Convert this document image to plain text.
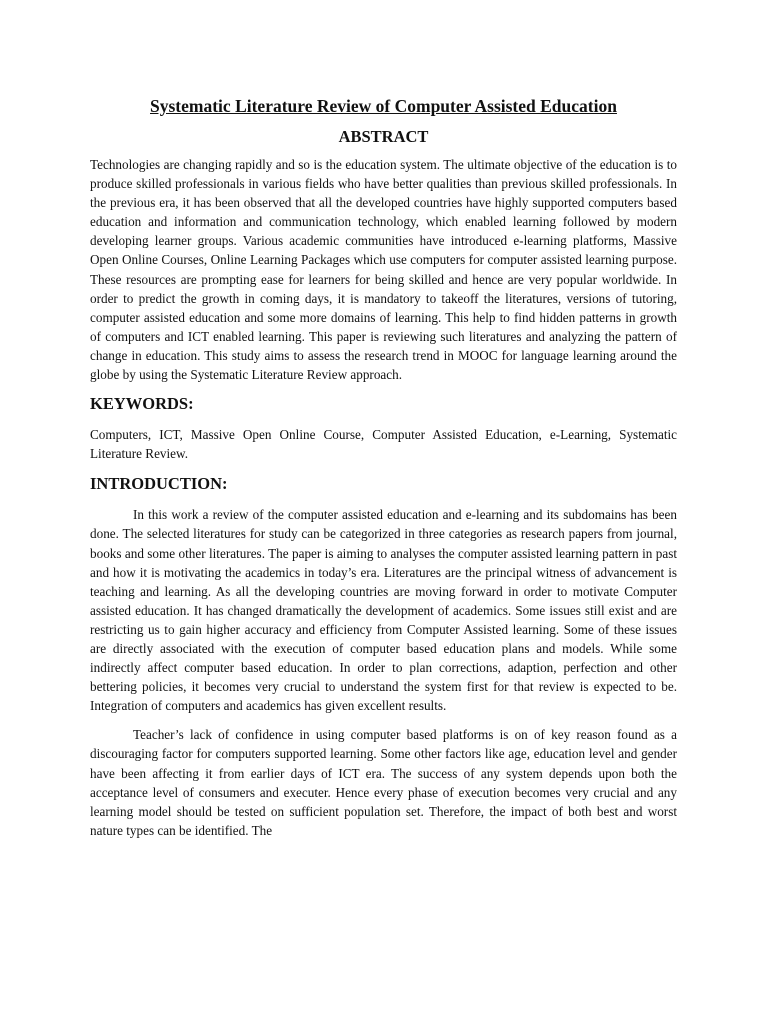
Systematic Literature Review of Computer Assisted Education
ABSTRACT

Technologies are changing rapidly and so is the education system. The ultimate objective of the education is to produce skilled professionals in various fields who have better qualities than previous skilled professionals. In the previous era, it has been observed that all the developed countries have highly supported computers based education and information and communication technology, which enabled learning followed by modern developing learner groups. Various academic communities have introduced e-learning platforms, Massive Open Online Courses, Online Learning Packages which use computers for computer assisted learning purpose. These resources are prompting ease for learners for being skilled and hence are very popular worldwide. In order to predict the growth in coming days, it is mandatory to takeoff the literatures, versions of tutoring, computer assisted education and some more domains of learning. This help to find hidden patterns in growth of computers and ICT enabled learning. This paper is reviewing such literatures and analyzing the pattern of change in education. This study aims to assess the research trend in MOOC for language learning around the globe by using the Systematic Literature Review approach.

KEYWORDS:

Computers, ICT, Massive Open Online Course, Computer Assisted Education, e-Learning, Systematic Literature Review.

INTRODUCTION:

In this work a review of the computer assisted education and e-learning and its subdomains has been done. The selected literatures for study can be categorized in three categories as research papers from journal, books and some other literatures. The paper is aiming to analyses the computer assisted learning pattern in past and how it is motivating the academics in today’s era. Literatures are the principal witness of advancement is teaching and learning. As all the developing countries are moving forward in order to motivate Computer assisted education. It has changed dramatically the development of academics. Some issues still exist and are restricting us to gain higher accuracy and efficiency from Computer Assisted learning. Some of these issues are directly associated with the execution of computer based education plans and models. While some indirectly affect computer based education. In order to plan corrections, adaption, perfection and other bettering policies, it becomes very crucial to understand the system first for that review is expected to be. Integration of computers and academics has given excellent results.

Teacher’s lack of confidence in using computer based platforms is on of key reason found as a discouraging factor for computers supported learning. Some other factors like age, education level and gender have been affecting it from earlier days of ICT era. The success of any system depends upon both the acceptance level of consumers and executer. Hence every phase of execution becomes very crucial and any learning model should be tested on sufficient population set. Therefore, the impact of both best and worst nature types can be identified. The
